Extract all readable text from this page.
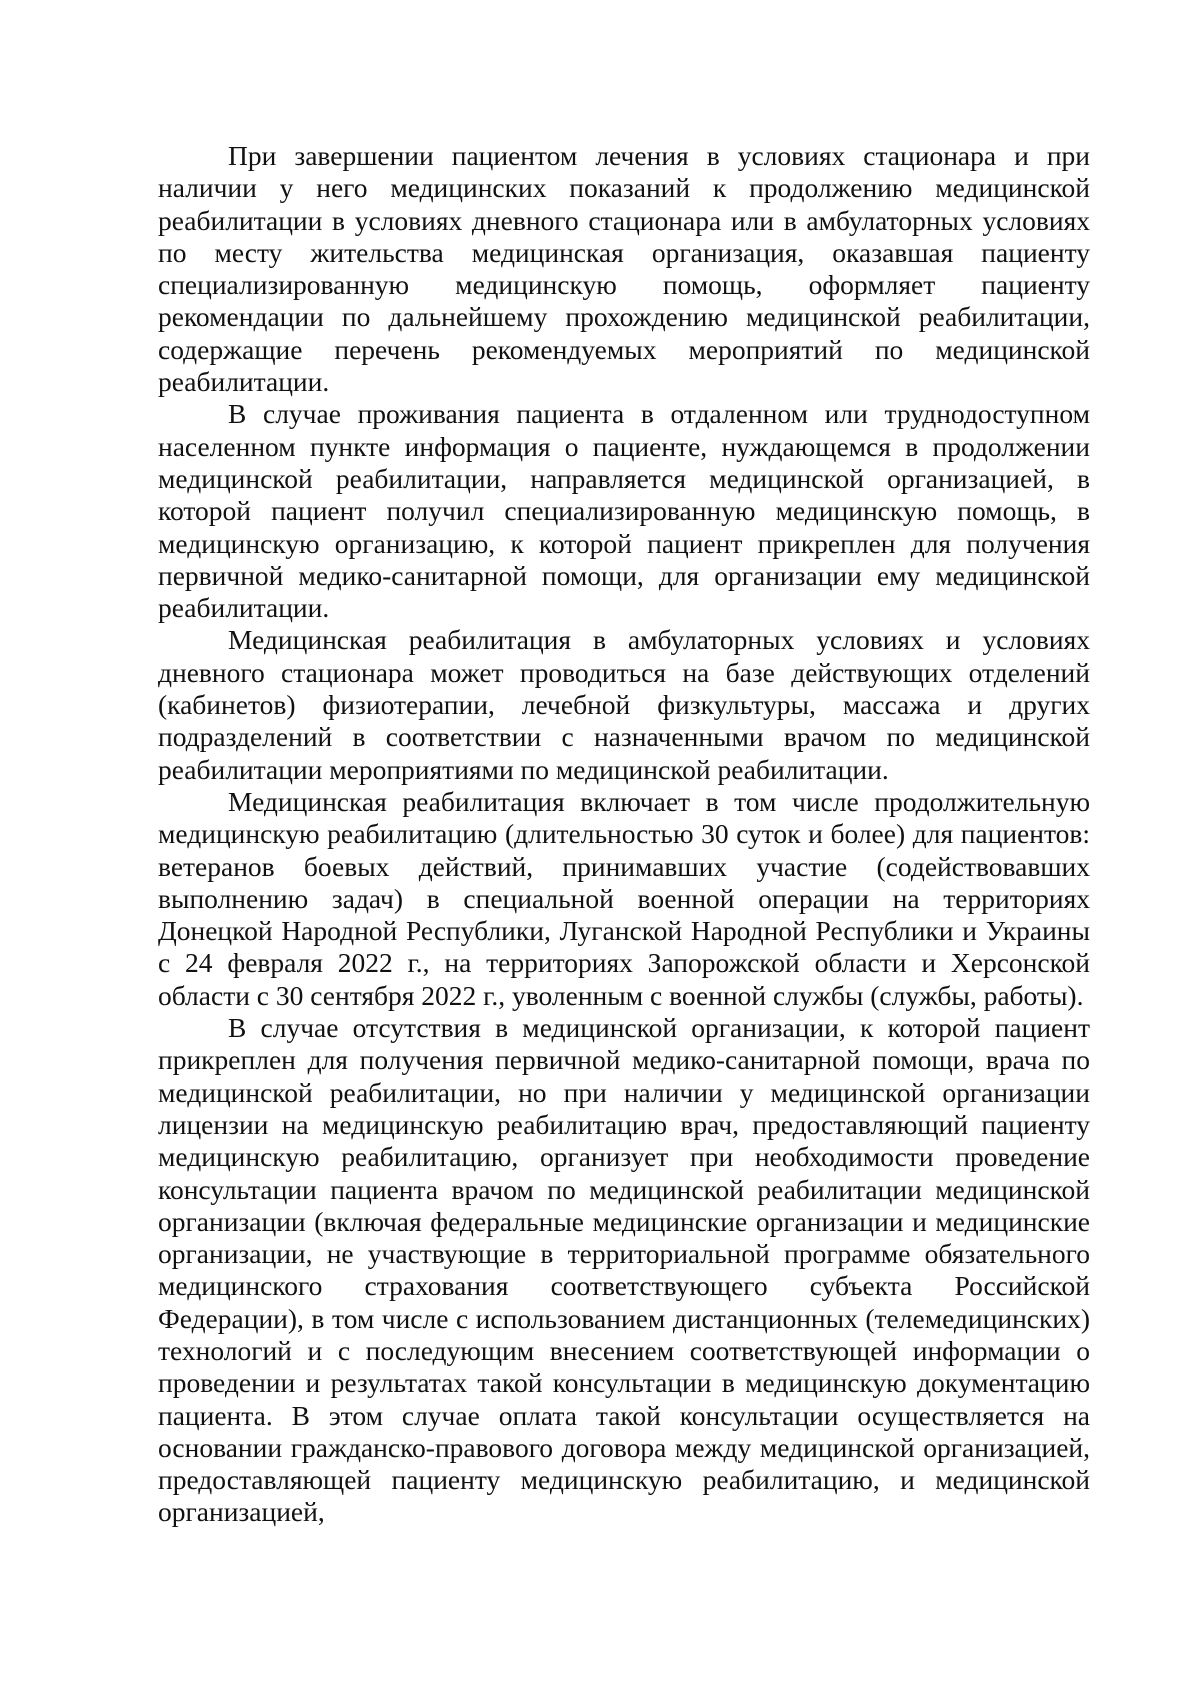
При завершении пациентом лечения в условиях стационара и при наличии у него медицинских показаний к продолжению медицинской реабилитации в условиях дневного стационара или в амбулаторных условиях по месту жительства медицинская организация, оказавшая пациенту специализированную медицинскую помощь, оформляет пациенту рекомендации по дальнейшему прохождению медицинской реабилитации, содержащие перечень рекомендуемых мероприятий по медицинской реабилитации.

В случае проживания пациента в отдаленном или труднодоступном населенном пункте информация о пациенте, нуждающемся в продолжении медицинской реабилитации, направляется медицинской организацией, в которой пациент получил специализированную медицинскую помощь, в медицинскую организацию, к которой пациент прикреплен для получения первичной медико-санитарной помощи, для организации ему медицинской реабилитации.

Медицинская реабилитация в амбулаторных условиях и условиях дневного стационара может проводиться на базе действующих отделений (кабинетов) физиотерапии, лечебной физкультуры, массажа и других подразделений в соответствии с назначенными врачом по медицинской реабилитации мероприятиями по медицинской реабилитации.

Медицинская реабилитация включает в том числе продолжительную медицинскую реабилитацию (длительностью 30 суток и более) для пациентов: ветеранов боевых действий, принимавших участие (содействовавших выполнению задач) в специальной военной операции на территориях Донецкой Народной Республики, Луганской Народной Республики и Украины с 24 февраля 2022 г., на территориях Запорожской области и Херсонской области с 30 сентября 2022 г., уволенным с военной службы (службы, работы).

В случае отсутствия в медицинской организации, к которой пациент прикреплен для получения первичной медико-санитарной помощи, врача по медицинской реабилитации, но при наличии у медицинской организации лицензии на медицинскую реабилитацию врач, предоставляющий пациенту медицинскую реабилитацию, организует при необходимости проведение консультации пациента врачом по медицинской реабилитации медицинской организации (включая федеральные медицинские организации и медицинские организации, не участвующие в территориальной программе обязательного медицинского страхования соответствующего субъекта Российской Федерации), в том числе с использованием дистанционных (телемедицинских) технологий и с последующим внесением соответствующей информации о проведении и результатах такой консультации в медицинскую документацию пациента. В этом случае оплата такой консультации осуществляется на основании гражданско-правового договора между медицинской организацией, предоставляющей пациенту медицинскую реабилитацию, и медицинской организацией,
